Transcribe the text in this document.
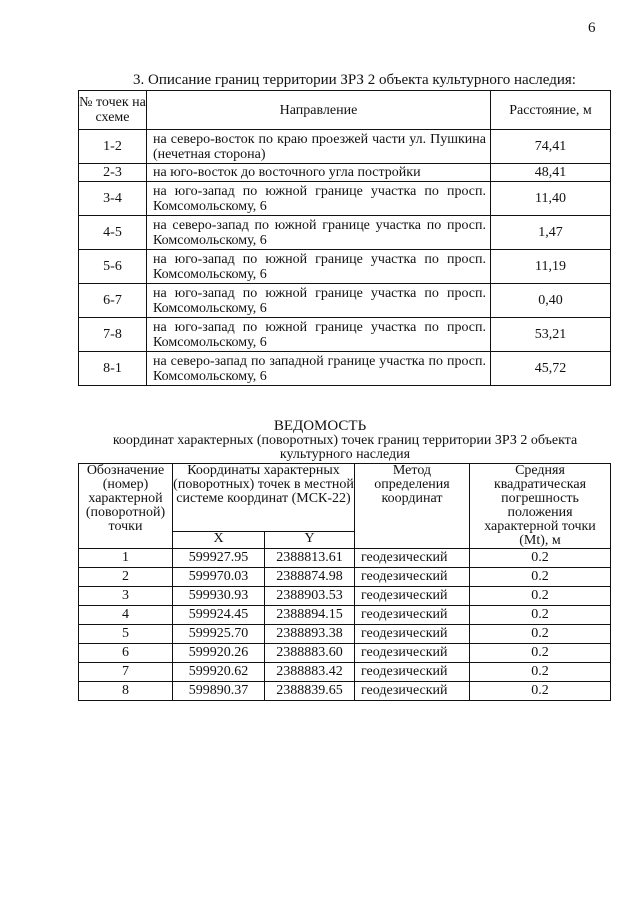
6
3. Описание границ территории ЗРЗ 2 объекта культурного наследия:
№ точек на схеме	Направление	Расстояние, м
1-2	на северо-восток по краю проезжей части ул. Пушкина (нечетная сторона)	74,41
2-3	на юго-восток до восточного угла постройки	48,41
3-4	на юго-запад по южной границе участка по просп. Комсомольскому, 6	11,40
4-5	на северо-запад по южной границе участка по просп. Комсомольскому, 6	1,47
5-6	на юго-запад по южной границе участка по просп. Комсомольскому, 6	11,19
6-7	на юго-запад по южной границе участка по просп. Комсомольскому, 6	0,40
7-8	на юго-запад по южной границе участка по просп. Комсомольскому, 6	53,21
8-1	на северо-запад по западной границе участка по просп. Комсомольскому, 6	45,72
ВЕДОМОСТЬ
координат характерных (поворотных) точек границ территории ЗРЗ 2 объекта культурного наследия
Обозначение (номер) характерной (поворотной) точки	Координаты характерных (поворотных) точек в местной системе координат (МСК-22)		Метод определения координат	Средняя квадратическая погрешность положения характерной точки (Mt), м
	X	Y		
1	599927.95	2388813.61	геодезический	0.2
2	599970.03	2388874.98	геодезический	0.2
3	599930.93	2388903.53	геодезический	0.2
4	599924.45	2388894.15	геодезический	0.2
5	599925.70	2388893.38	геодезический	0.2
6	599920.26	2388883.60	геодезический	0.2
7	599920.62	2388883.42	геодезический	0.2
8	599890.37	2388839.65	геодезический	0.2
